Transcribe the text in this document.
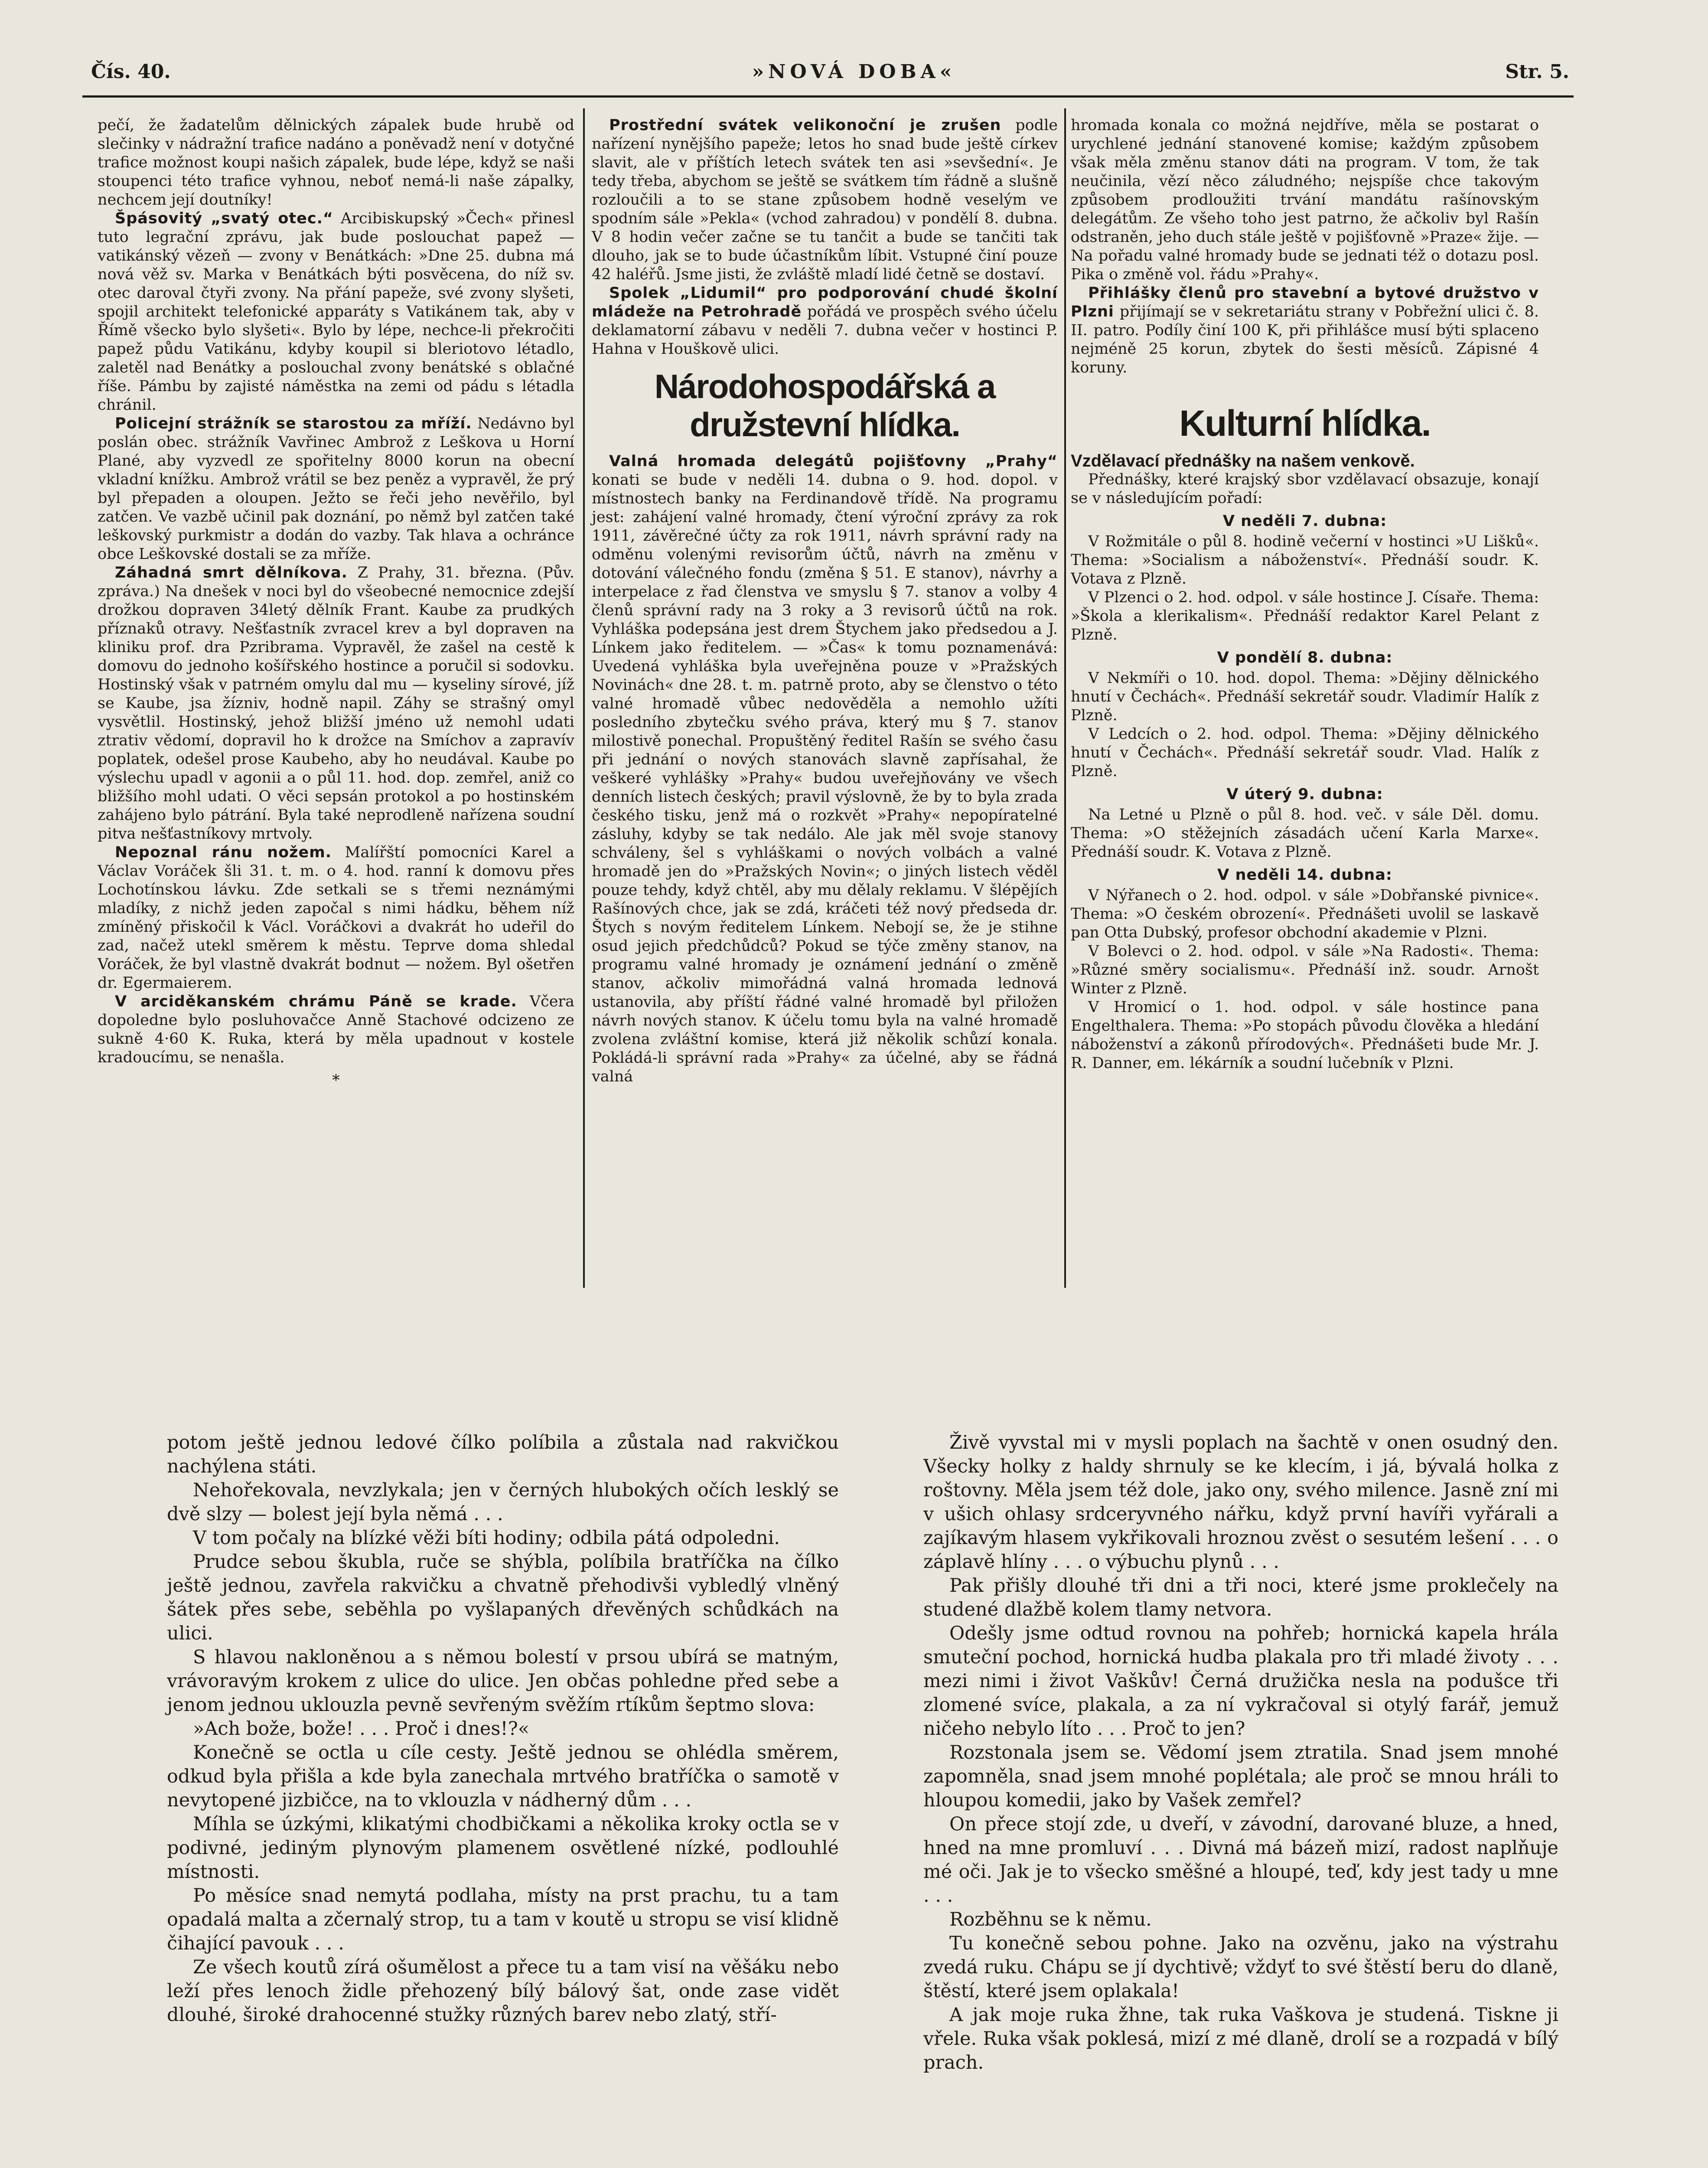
Čís. 40.	»NOVÁ DOBA«	Str. 5.

pečí, že žadatelům dělnických zápalek bude hrubě od slečinky v nádražní trafice nadáno a poněvadž není v dotyčné trafice možnost koupi našich zápalek, bude lépe, když se naši stoupenci této trafice vyhnou, neboť nemá-li naše zápalky, nechcem její doutníky!

Špásovitý „svatý otec.“ Arcibiskupský »Čech« přinesl tuto legrační zprávu, jak bude poslouchat papež — vatikánský vězeň — zvony v Benátkách: »Dne 25. dubna má nová věž sv. Marka v Benátkách býti posvěcena, do níž sv. otec daroval čtyři zvony. Na přání papeže, své zvony slyšeti, spojil architekt telefonické apparáty s Vatikánem tak, aby v Římě všecko bylo slyšeti«. Bylo by lépe, nechce-li překročiti papež půdu Vatikánu, kdyby koupil si bleriotovo létadlo, zaletěl nad Benátky a poslouchal zvony benátské s oblačné říše. Pámbu by zajisté náměstka na zemi od pádu s létadla chránil.

Policejní strážník se starostou za mříží. Nedávno byl poslán obec. strážník Vavřinec Ambrož z Leškova u Horní Plané, aby vyzvedl ze spořitelny 8000 korun na obecní vkladní knížku. Ambrož vrátil se bez peněz a vypravěl, že prý byl přepaden a oloupen. Ježto se řeči jeho nevěřilo, byl zatčen. Ve vazbě učinil pak doznání, po němž byl zatčen také leškovský purkmistr a dodán do vazby. Tak hlava a ochránce obce Leškovské dostali se za mříže.

Záhadná smrt dělníkova. Z Prahy, 31. března. (Pův. zpráva.) Na dnešek v noci byl do všeobecné nemocnice zdejší drožkou dopraven 34letý dělník Frant. Kaube za prudkých příznaků otravy. Nešťastník zvracel krev a byl dopraven na kliniku prof. dra Pzribrama. Vypravěl, že zašel na cestě k domovu do jednoho košířského hostince a poručil si sodovku. Hostinský však v patrném omylu dal mu — kyseliny sírové, jíž se Kaube, jsa žízniv, hodně napil. Záhy se strašný omyl vysvětlil. Hostinský, jehož bližší jméno už nemohl udati ztrativ vědomí, dopravil ho k drožce na Smíchov a zapravív poplatek, odešel prose Kaubeho, aby ho neudával. Kaube po výslechu upadl v agonii a o půl 11. hod. dop. zemřel, aniž co bližšího mohl udati. O věci sepsán protokol a po hostinském zahájeno bylo pátrání. Byla také neprodleně nařízena soudní pitva nešťastníkovy mrtvoly.

Nepoznal ránu nožem. Malířští pomocníci Karel a Václav Voráček šli 31. t. m. o 4. hod. ranní k domovu přes Lochotínskou lávku. Zde setkali se s třemi neznámými mladíky, z nichž jeden započal s nimi hádku, během níž zmíněný přiskočil k Václ. Voráčkovi a dvakrát ho udeřil do zad, načež utekl směrem k městu. Teprve doma shledal Voráček, že byl vlastně dvakrát bodnut — nožem. Byl ošetřen dr. Egermaierem.

V arciděkanském chrámu Páně se krade. Včera dopoledne bylo posluhovačce Anně Stachové odcizeno ze sukně 4·60 K. Ruka, která by měla upadnout v kostele kradoucímu, se nenašla.

*

Prostřední svátek velikonoční je zrušen podle nařízení nynějšího papeže; letos ho snad bude ještě církev slavit, ale v příštích letech svátek ten asi »sevšední«. Je tedy třeba, abychom se ještě se svátkem tím řádně a slušně rozloučili a to se stane způsobem hodně veselým ve spodním sále »Pekla« (vchod zahradou) v pondělí 8. dubna. V 8 hodin večer začne se tu tančit a bude se tančiti tak dlouho, jak se to bude účastníkům líbit. Vstupné činí pouze 42 haléřů. Jsme jisti, že zvláště mladí lidé četně se dostaví.

Spolek „Lidumil“ pro podporování chudé školní mládeže na Petrohradě pořádá ve prospěch svého účelu deklamatorní zábavu v neděli 7. dubna večer v hostinci P. Hahna v Houškově ulici.

Národohospodářská a družstevní hlídka.

Valná hromada delegátů pojišťovny „Prahy“ konati se bude v neděli 14. dubna o 9. hod. dopol. v místnostech banky na Ferdinandově třídě. Na programu jest: zahájení valné hromady, čtení výroční zprávy za rok 1911, závěrečné účty za rok 1911, návrh správní rady na odměnu volenými revisorům účtů, návrh na změnu v dotování válečného fondu (změna § 51. E stanov), návrhy a interpelace z řad členstva ve smyslu § 7. stanov a volby 4 členů správní rady na 3 roky a 3 revisorů účtů na rok. Vyhláška podepsána jest drem Štychem jako předsedou a J. Línkem jako ředitelem. — »Čas« k tomu poznamenává: Uvedená vyhláška byla uveřejněna pouze v »Pražských Novinách« dne 28. t. m. patrně proto, aby se členstvo o této valné hromadě vůbec nedověděla a nemohlo užíti posledního zbytečku svého práva, který mu § 7. stanov milostivě ponechal. Propuštěný ředitel Rašín se svého času při jednání o nových stanovách slavně zapřísahal, že veškeré vyhlášky »Prahy« budou uveřejňovány ve všech denních listech českých; pravil výslovně, že by to byla zrada českého tisku, jenž má o rozkvět »Prahy« nepopíratelné zásluhy, kdyby se tak nedálo. Ale jak měl svoje stanovy schváleny, šel s vyhláškami o nových volbách a valné hromadě jen do »Pražských Novin«; o jiných listech věděl pouze tehdy, když chtěl, aby mu dělaly reklamu. V šlépějích Rašínových chce, jak se zdá, kráčeti též nový předseda dr. Štych s novým ředitelem Línkem. Nebojí se, že je stihne osud jejich předchůdců? Pokud se týče změny stanov, na programu valné hromady je oznámení jednání o změně stanov, ačkoliv mimořádná valná hromada lednová ustanovila, aby příští řádné valné hromadě byl přiložen návrh nových stanov. K účelu tomu byla na valné hromadě zvolena zvláštní komise, která již několik schůzí konala. Pokládá-li správní rada »Prahy« za účelné, aby se řádná valná

hromada konala co možná nejdříve, měla se postarat o urychlené jednání stanovené komise; každým způsobem však měla změnu stanov dáti na program. V tom, že tak neučinila, vězí něco záludného; nejspíše chce takovým způsobem prodloužiti trvání mandátu rašínovským delegátům. Ze všeho toho jest patrno, že ačkoliv byl Rašín odstraněn, jeho duch stále ještě v pojišťovně »Praze« žije. — Na pořadu valné hromady bude se jednati též o dotazu posl. Pika o změně vol. řádu »Prahy«.

Přihlášky členů pro stavební a bytové družstvo v Plzni přijímají se v sekretariátu strany v Pobřežní ulici č. 8. II. patro. Podíly činí 100 K, při přihlášce musí býti splaceno nejméně 25 korun, zbytek do šesti měsíců. Zápisné 4 koruny.

Kulturní hlídka.

Vzdělavací přednášky na našem venkově.

Přednášky, které krajský sbor vzdělavací obsazuje, konají se v následujícím pořadí:

V neděli 7. dubna:

V Rožmitále o půl 8. hodině večerní v hostinci »U Lišků«. Thema: »Socialism a náboženství«. Přednáší soudr. K. Votava z Plzně.

V Plzenci o 2. hod. odpol. v sále hostince J. Císaře. Thema: »Škola a klerikalism«. Přednáší redaktor Karel Pelant z Plzně.

V pondělí 8. dubna:

V Nekmíři o 10. hod. dopol. Thema: »Dějiny dělnického hnutí v Čechách«. Přednáší sekretář soudr. Vladimír Halík z Plzně.

V Ledcích o 2. hod. odpol. Thema: »Dějiny dělnického hnutí v Čechách«. Přednáší sekretář soudr. Vlad. Halík z Plzně.

V úterý 9. dubna:

Na Letné u Plzně o půl 8. hod. več. v sále Děl. domu. Thema: »O stěžejních zásadách učení Karla Marxe«. Přednáší soudr. K. Votava z Plzně.

V neděli 14. dubna:

V Nýřanech o 2. hod. odpol. v sále »Dobřanské pivnice«. Thema: »O českém obrození«. Přednášeti uvolil se laskavě pan Otta Dubský, profesor obchodní akademie v Plzni.

V Bolevci o 2. hod. odpol. v sále »Na Radosti«. Thema: »Různé směry socialismu«. Přednáší inž. soudr. Arnošt Winter z Plzně.

V Hromicí o 1. hod. odpol. v sále hostince pana Engelthalera. Thema: »Po stopách původu člověka a hledání náboženství a zákonů přírodových«. Přednášeti bude Mr. J. R. Danner, em. lékárník a soudní lučebník v Plzni.

potom ještě jednou ledové čílko políbila a zůstala nad rakvičkou nachýlena státi.

Nehořekovala, nevzlykala; jen v černých hlubokých očích lesklý se dvě slzy — bolest její byla němá . . .

V tom počaly na blízké věži bíti hodiny; odbila pátá odpoledni.

Prudce sebou škubla, ruče se shýbla, políbila bratříčka na čílko ještě jednou, zavřela rakvičku a chvatně přehodivši vybledlý vlněný šátek přes sebe, seběhla po vyšlapaných dřevěných schůdkách na ulici.

S hlavou nakloněnou a s němou bolestí v prsou ubírá se matným, vrávoravým krokem z ulice do ulice. Jen občas pohledne před sebe a jenom jednou uklouzla pevně sevřeným svěžím rtíkům šeptmo slova:

»Ach bože, bože! . . . Proč i dnes!?«

Konečně se octla u cíle cesty. Ještě jednou se ohlédla směrem, odkud byla přišla a kde byla zanechala mrtvého bratříčka o samotě v nevytopené jizbičce, na to vklouzla v nádherný dům . . .

Míhla se úzkými, klikatými chodbičkami a několika kroky octla se v podivné, jediným plynovým plamenem osvětlené nízké, podlouhlé místnosti.

Po měsíce snad nemytá podlaha, místy na prst prachu, tu a tam opadalá malta a zčernalý strop, tu a tam v koutě u stropu se visí klidně čihající pavouk . . .

Ze všech koutů zírá ošumělost a přece tu a tam visí na věšáku nebo leží přes lenoch židle přehozený bílý bálový šat, onde zase vidět dlouhé, široké drahocenné stužky různých barev nebo zlatý, stří-

Živě vyvstal mi v mysli poplach na šachtě v onen osudný den. Všecky holky z haldy shrnuly se ke klecím, i já, bývalá holka z roštovny. Měla jsem též dole, jako ony, svého milence. Jasně zní mi v ušich ohlasy srdceryvného nářku, když první havíři vyřárali a zajíkavým hlasem vykřikovali hroznou zvěst o sesutém lešení . . . o záplavě hlíny . . . o výbuchu plynů . . .

Pak přišly dlouhé tři dni a tři noci, které jsme proklečely na studené dlažbě kolem tlamy netvora.

Odešly jsme odtud rovnou na pohřeb; hornická kapela hrála smuteční pochod, hornická hudba plakala pro tři mladé životy . . . mezi nimi i život Vaškův! Černá družička nesla na podušce tři zlomené svíce, plakala, a za ní vykračoval si otylý farář, jemuž ničeho nebylo líto . . . Proč to jen?

Rozstonala jsem se. Vědomí jsem ztratila. Snad jsem mnohé zapomněla, snad jsem mnohé poplétala; ale proč se mnou hráli to hloupou komedii, jako by Vašek zemřel?

On přece stojí zde, u dveří, v závodní, darované bluze, a hned, hned na mne promluví . . . Divná má bázeň mizí, radost naplňuje mé oči. Jak je to všecko směšné a hloupé, teď, kdy jest tady u mne . . .

Rozběhnu se k němu.

Tu konečně sebou pohne. Jako na ozvěnu, jako na výstrahu zvedá ruku. Chápu se jí dychtivě; vždyť to své štěstí beru do dlaně, štěstí, které jsem oplakala!

A jak moje ruka žhne, tak ruka Vaškova je studená. Tiskne ji vřele. Ruka však poklesá, mizí z mé dlaně, drolí se a rozpadá v bílý prach.
